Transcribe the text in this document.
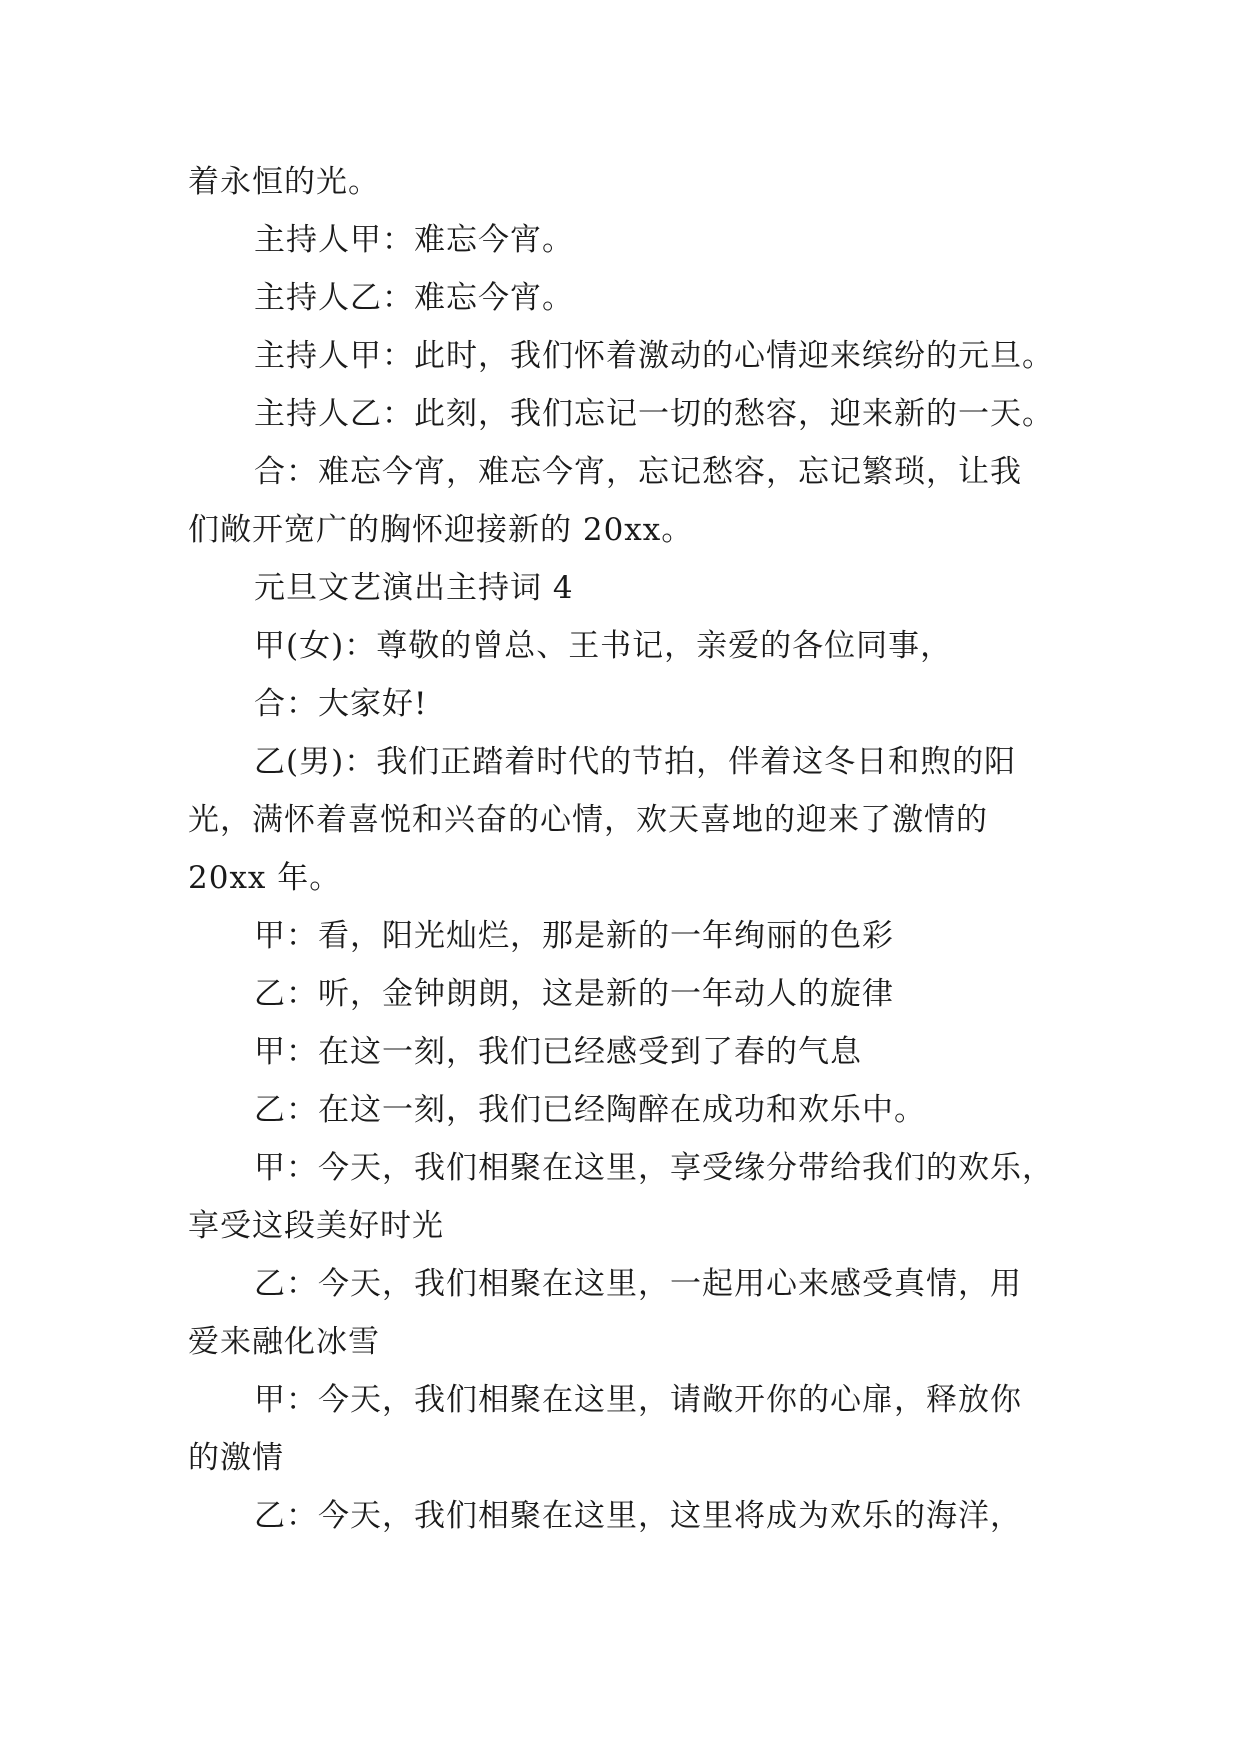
着永恒的光。
主持人甲：难忘今宵。
主持人乙：难忘今宵。
主持人甲：此时，我们怀着激动的心情迎来缤纷的元旦。
主持人乙：此刻，我们忘记一切的愁容，迎来新的一天。
合：难忘今宵，难忘今宵，忘记愁容，忘记繁琐，让我
们敞开宽广的胸怀迎接新的 20xx。
元旦文艺演出主持词 4
甲(女)：尊敬的曾总、王书记，亲爱的各位同事，
合：大家好!
乙(男)：我们正踏着时代的节拍，伴着这冬日和煦的阳
光，满怀着喜悦和兴奋的心情，欢天喜地的迎来了激情的
20xx 年。
甲：看，阳光灿烂，那是新的一年绚丽的色彩
乙：听，金钟朗朗，这是新的一年动人的旋律
甲：在这一刻，我们已经感受到了春的气息
乙：在这一刻，我们已经陶醉在成功和欢乐中。
甲：今天，我们相聚在这里，享受缘分带给我们的欢乐，
享受这段美好时光
乙：今天，我们相聚在这里，一起用心来感受真情，用
爱来融化冰雪
甲：今天，我们相聚在这里，请敞开你的心扉，释放你
的激情
乙：今天，我们相聚在这里，这里将成为欢乐的海洋，
